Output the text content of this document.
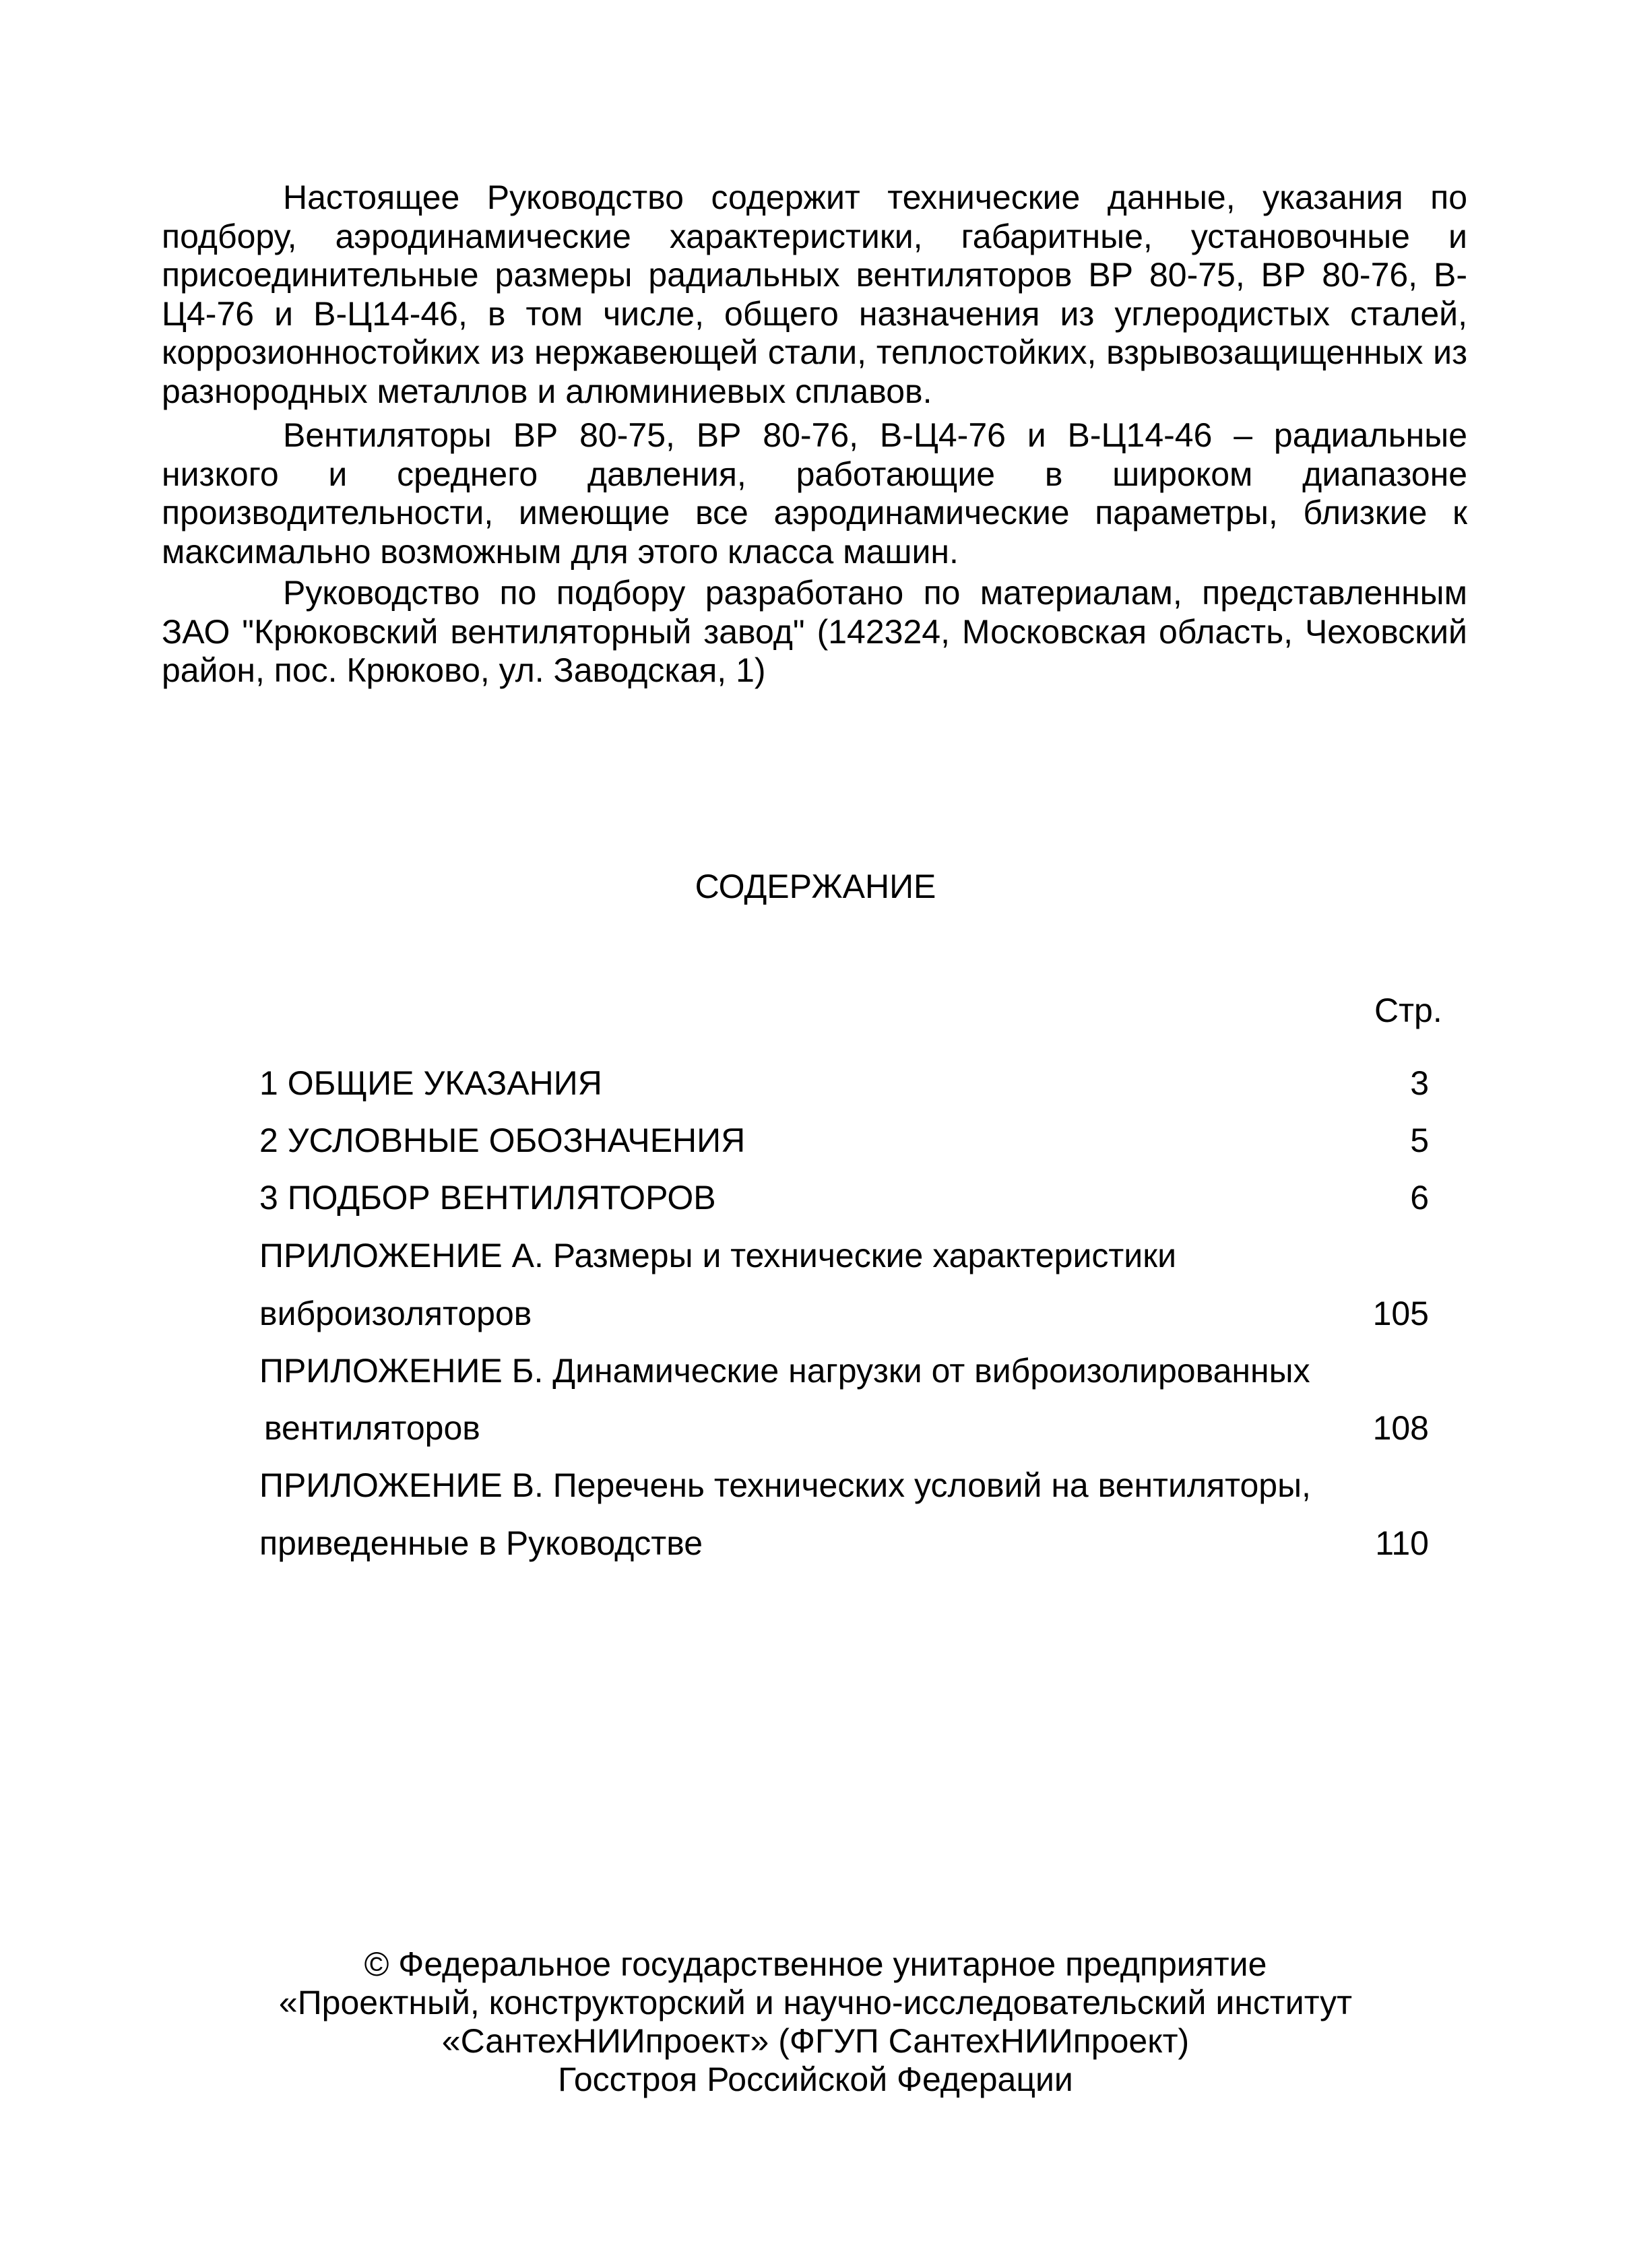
Настоящее Руководство содержит технические данные, указания по подбору, аэродинамические характеристики, габаритные, установочные и присоединительные размеры радиальных вентиляторов ВР 80-75, ВР 80-76, В-Ц4-76 и В-Ц14-46, в том числе, общего назначения из углеродистых сталей, коррозионностойких из нержавеющей стали, теплостойких, взрывозащищенных из разнородных металлов и алюминиевых сплавов.

Вентиляторы ВР 80-75, ВР 80-76, В-Ц4-76 и В-Ц14-46 – радиальные низкого и среднего давления, работающие в широком диапазоне производительности, имеющие все аэродинамические параметры, близкие к максимально возможным для этого класса машин.

Руководство по подбору разработано по материалам, представленным ЗАО "Крюковский вентиляторный завод" (142324, Московская область, Чеховский район, пос. Крюково, ул. Заводская, 1)

СОДЕРЖАНИЕ
Стр.
1 ОБЩИЕ УКАЗАНИЯ	3
2 УСЛОВНЫЕ ОБОЗНАЧЕНИЯ	5
3 ПОДБОР ВЕНТИЛЯТОРОВ	6
ПРИЛОЖЕНИЕ А. Размеры и технические характеристики
виброизоляторов	105
ПРИЛОЖЕНИЕ Б. Динамические нагрузки от виброизолированных
вентиляторов	108
ПРИЛОЖЕНИЕ В. Перечень технических условий на вентиляторы,
приведенные в Руководстве	110
© Федеральное государственное унитарное предприятие
«Проектный, конструкторский и научно-исследовательский институт
«СантехНИИпроект» (ФГУП СантехНИИпроект)
Госстроя Российской Федерации
